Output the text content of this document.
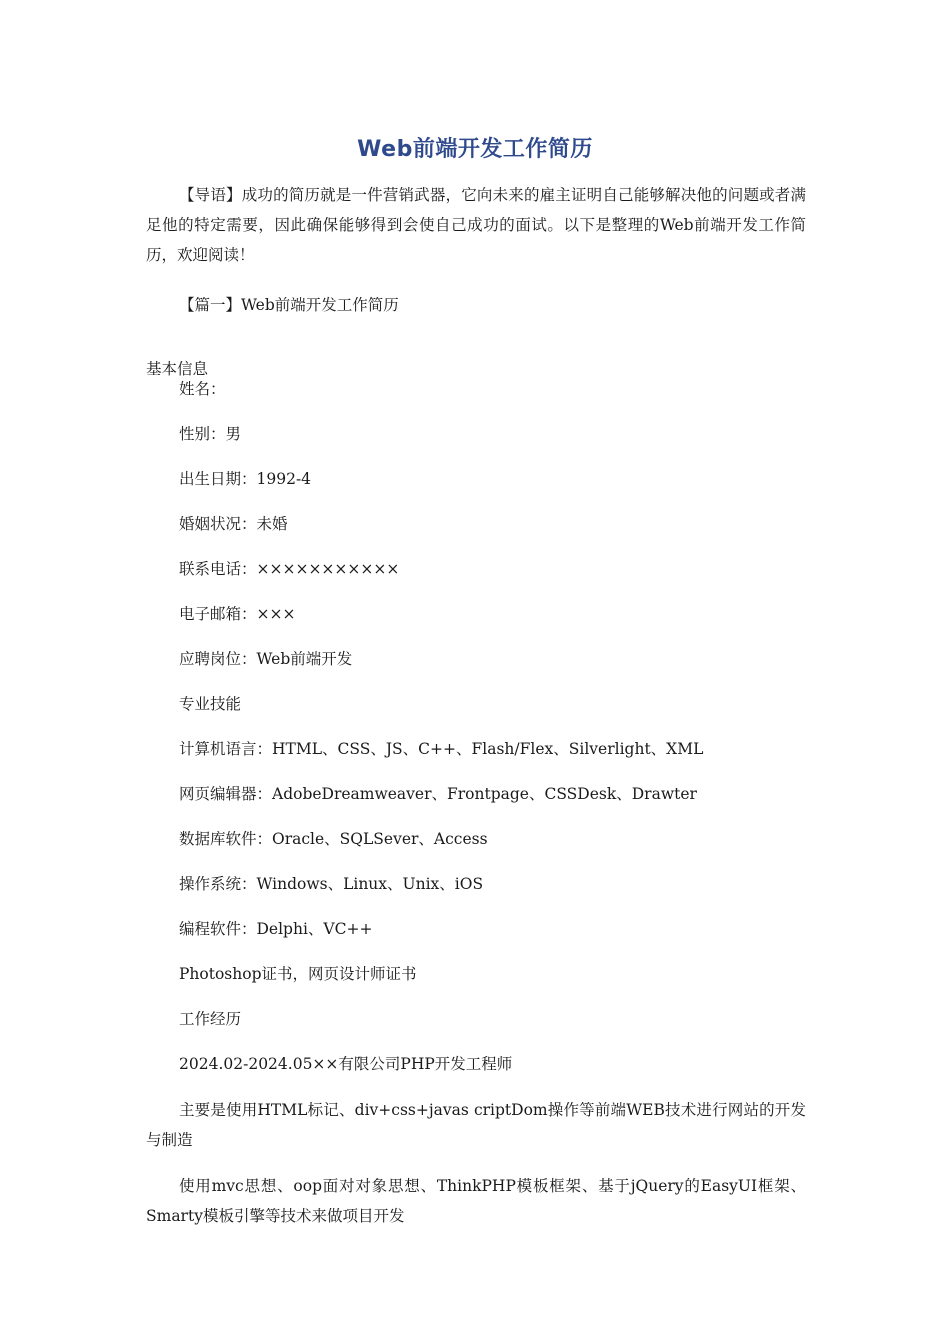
Web前端开发工作简历
【导语】成功的简历就是一件营销武器，它向未来的雇主证明自己能够解决他的问题或者满足他的特定需要，因此确保能够得到会使自己成功的面试。以下是整理的Web前端开发工作简历，欢迎阅读！
【篇一】Web前端开发工作简历
基本信息
姓名：
性别：男
出生日期：1992-4
婚姻状况：未婚
联系电话：×××××××××××
电子邮箱：×××
应聘岗位：Web前端开发
专业技能
计算机语言：HTML、CSS、JS、C++、Flash/Flex、Silverlight、XML
网页编辑器：AdobeDreamweaver、Frontpage、CSSDesk、Drawter
数据库软件：Oracle、SQLSever、Access
操作系统：Windows、Linux、Unix、iOS
编程软件：Delphi、VC++
Photoshop证书，网页设计师证书
工作经历
2024.02-2024.05××有限公司PHP开发工程师
主要是使用HTML标记、div+css+javas criptDom操作等前端WEB技术进行网站的开发与制造
使用mvc思想、oop面对对象思想、ThinkPHP模板框架、基于jQuery的EasyUI框架、Smarty模板引擎等技术来做项目开发
